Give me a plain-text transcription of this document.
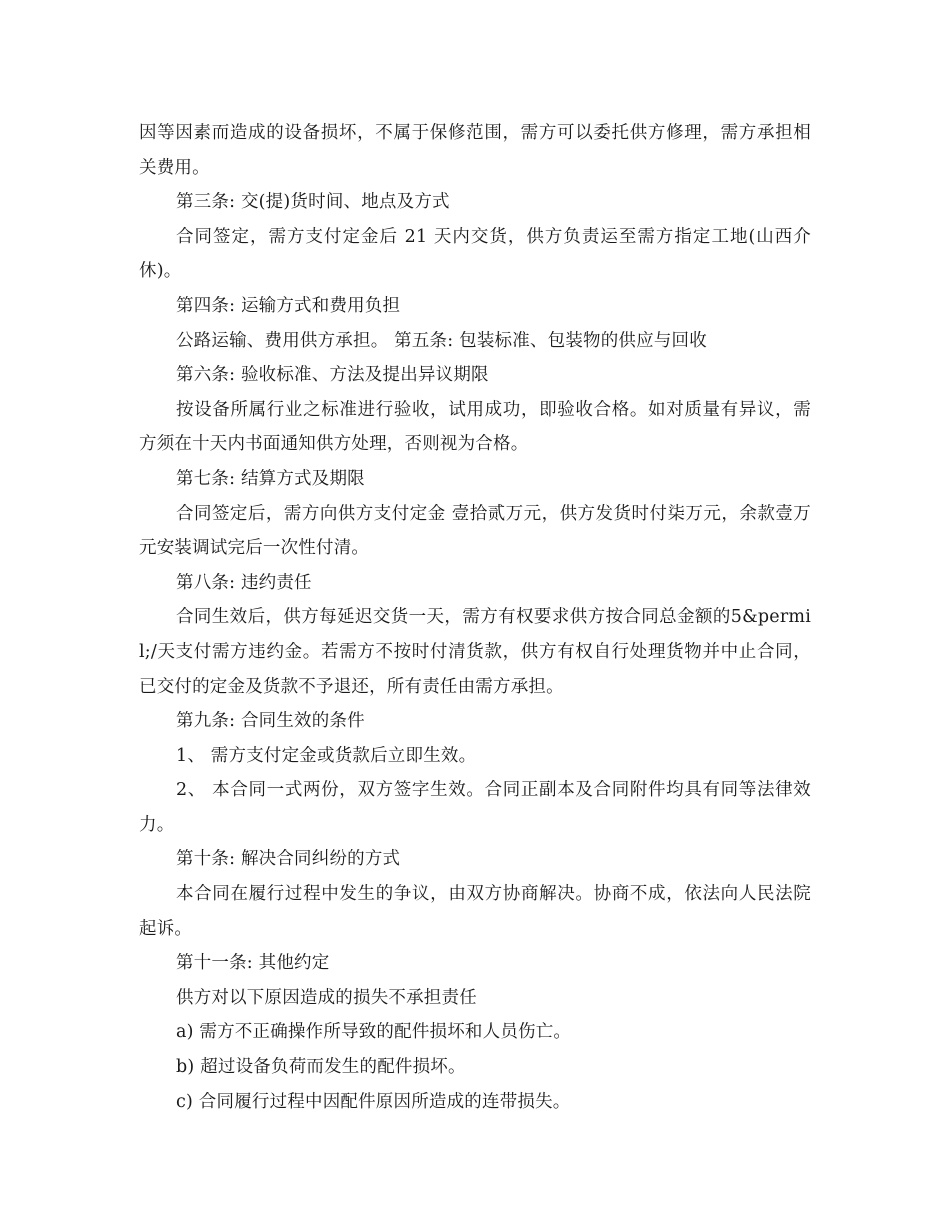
因等因素而造成的设备损坏，不属于保修范围，需方可以委托供方修理，需方承担相关费用。

第三条: 交(提)货时间、地点及方式

合同签定，需方支付定金后 21 天内交货，供方负责运至需方指定工地(山西介休)。

第四条: 运输方式和费用负担

公路运输、费用供方承担。 第五条: 包装标准、包装物的供应与回收

第六条: 验收标准、方法及提出异议期限

按设备所属行业之标准进行验收，试用成功，即验收合格。如对质量有异议，需方须在十天内书面通知供方处理，否则视为合格。

第七条: 结算方式及期限

合同签定后，需方向供方支付定金 壹拾贰万元，供方发货时付柒万元，余款壹万 元安装调试完后一次性付清。

第八条: 违约责任

合同生效后，供方每延迟交货一天，需方有权要求供方按合同总金额的5&permil;/天支付需方违约金。若需方不按时付清货款，供方有权自行处理货物并中止合同，已交付的定金及货款不予退还，所有责任由需方承担。

第九条: 合同生效的条件

1、 需方支付定金或货款后立即生效。

2、 本合同一式两份，双方签字生效。合同正副本及合同附件均具有同等法律效力。

第十条: 解决合同纠纷的方式

本合同在履行过程中发生的争议，由双方协商解决。协商不成，依法向人民法院起诉。

第十一条: 其他约定

供方对以下原因造成的损失不承担责任

a) 需方不正确操作所导致的配件损坏和人员伤亡。

b) 超过设备负荷而发生的配件损坏。

c) 合同履行过程中因配件原因所造成的连带损失。
